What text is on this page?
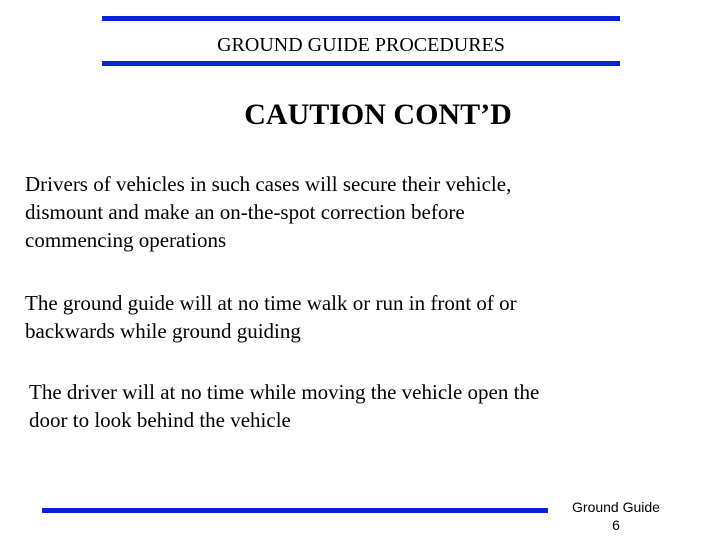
GROUND GUIDE PROCEDURES
CAUTION CONT’D

Drivers of vehicles in such cases will secure their vehicle,
dismount and make an on-the-spot correction before
commencing operations

The ground guide will at no time walk or run in front of or
backwards while ground guiding

The driver will at no time while moving the vehicle open the
door to look behind the vehicle

Ground Guide
6
